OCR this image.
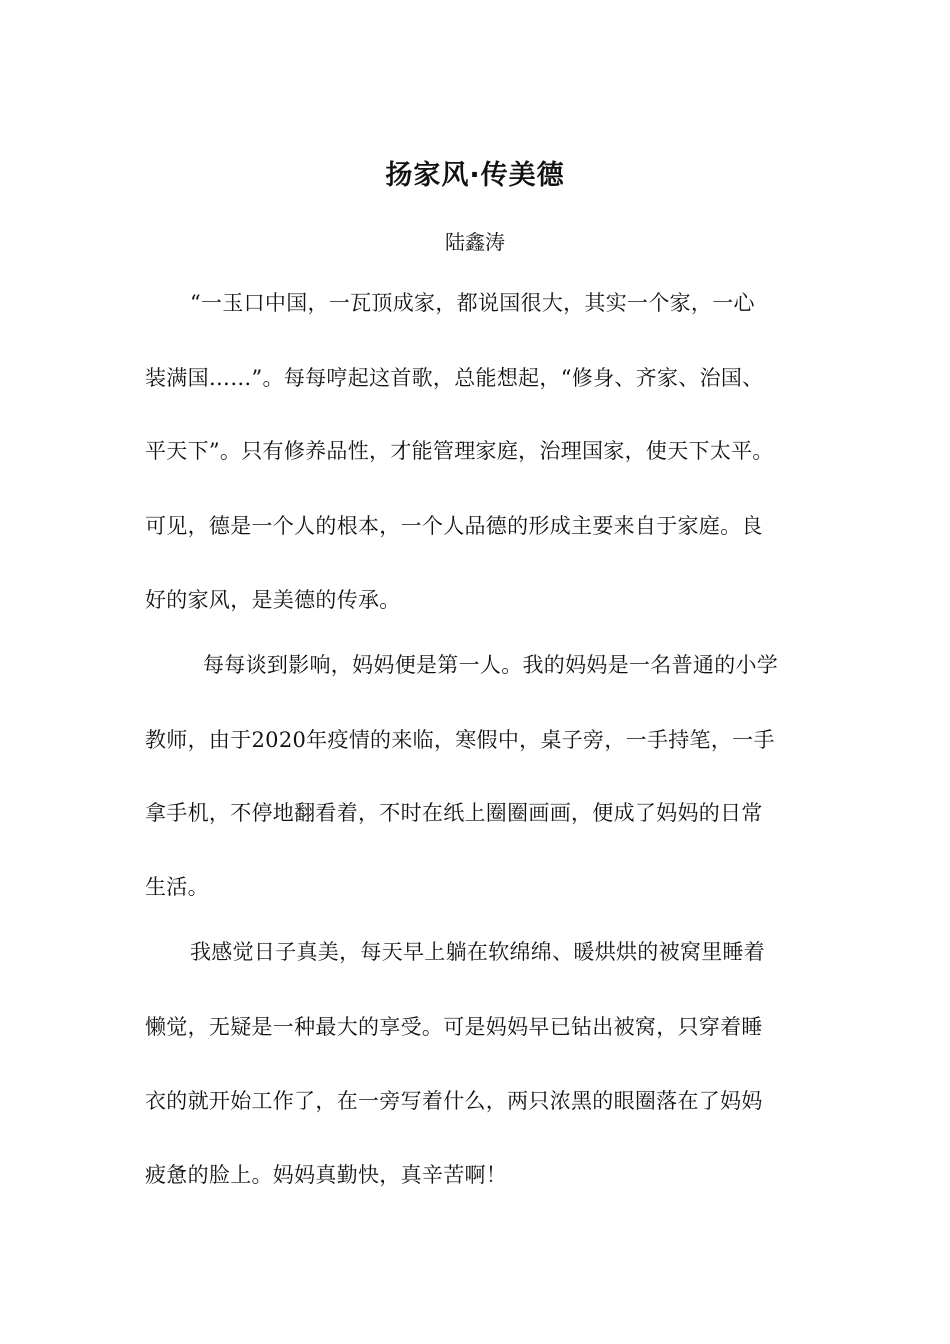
扬家风·传美德
陆鑫涛
“一玉口中国，一瓦顶成家，都说国很大，其实一个家，一心
装满国……”。每每哼起这首歌，总能想起，“修身、齐家、治国、
平天下”。只有修养品性，才能管理家庭，治理国家，使天下太平。
可见，德是一个人的根本，一个人品德的形成主要来自于家庭。良
好的家风，是美德的传承。
每每谈到影响，妈妈便是第一人。我的妈妈是一名普通的小学
教师，由于2020年疫情的来临，寒假中，桌子旁，一手持笔，一手
拿手机，不停地翻看着，不时在纸上圈圈画画，便成了妈妈的日常
生活。
我感觉日子真美，每天早上躺在软绵绵、暖烘烘的被窝里睡着
懒觉，无疑是一种最大的享受。可是妈妈早已钻出被窝，只穿着睡
衣的就开始工作了，在一旁写着什么，两只浓黑的眼圈落在了妈妈
疲惫的脸上。妈妈真勤快，真辛苦啊！
